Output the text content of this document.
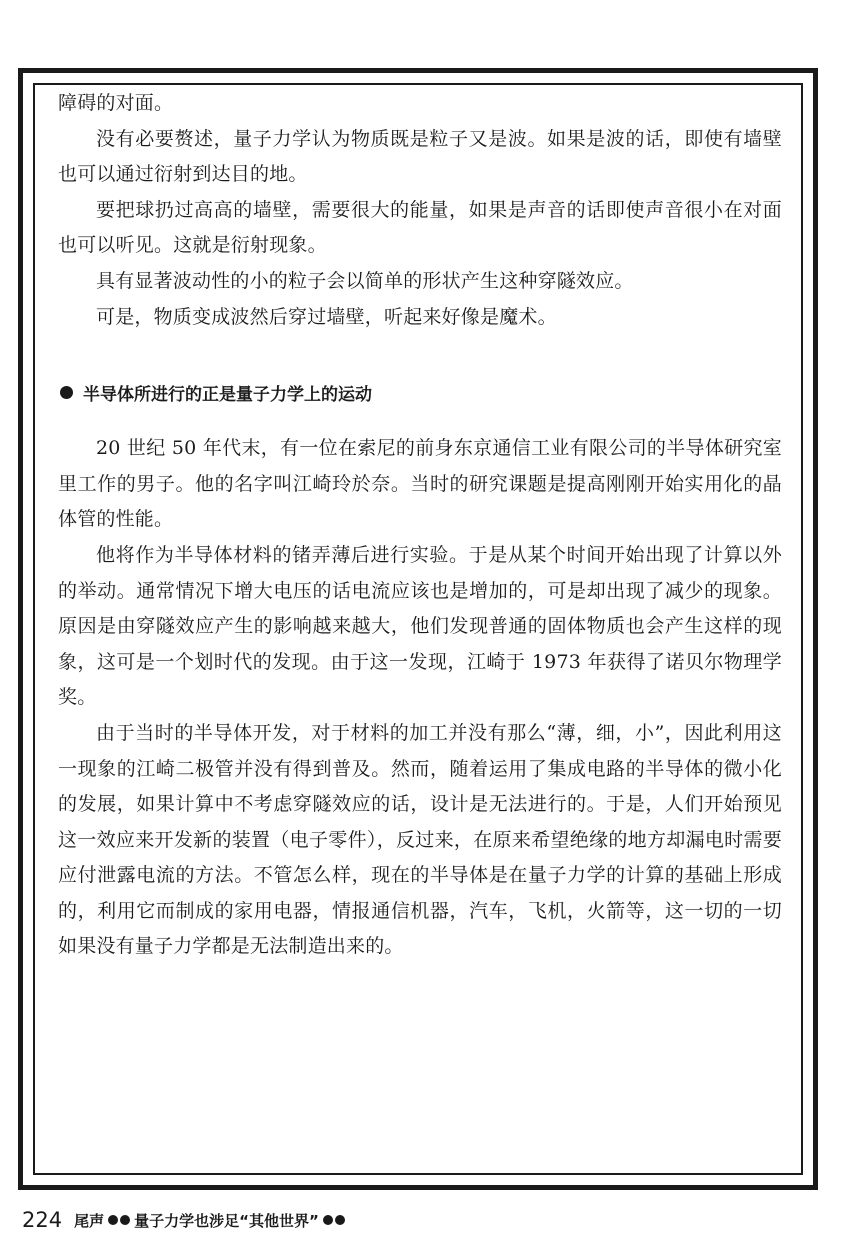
障碍的对面。

没有必要赘述，量子力学认为物质既是粒子又是波。如果是波的话，即使有墙壁也可以通过衍射到达目的地。

要把球扔过高高的墙壁，需要很大的能量，如果是声音的话即使声音很小在对面也可以听见。这就是衍射现象。

具有显著波动性的小的粒子会以简单的形状产生这种穿隧效应。

可是，物质变成波然后穿过墙壁，听起来好像是魔术。

半导体所进行的正是量子力学上的运动

20 世纪 50 年代末，有一位在索尼的前身东京通信工业有限公司的半导体研究室里工作的男子。他的名字叫江崎玲於奈。当时的研究课题是提高刚刚开始实用化的晶体管的性能。

他将作为半导体材料的锗弄薄后进行实验。于是从某个时间开始出现了计算以外的举动。通常情况下增大电压的话电流应该也是增加的，可是却出现了减少的现象。原因是由穿隧效应产生的影响越来越大，他们发现普通的固体物质也会产生这样的现象，这可是一个划时代的发现。由于这一发现，江崎于 1973 年获得了诺贝尔物理学奖。

由于当时的半导体开发，对于材料的加工并没有那么“薄，细，小”，因此利用这一现象的江崎二极管并没有得到普及。然而，随着运用了集成电路的半导体的微小化的发展，如果计算中不考虑穿隧效应的话，设计是无法进行的。于是，人们开始预见这一效应来开发新的装置（电子零件），反过来，在原来希望绝缘的地方却漏电时需要应付泄露电流的方法。不管怎么样，现在的半导体是在量子力学的计算的基础上形成的，利用它而制成的家用电器，情报通信机器，汽车，飞机，火箭等，这一切的一切如果没有量子力学都是无法制造出来的。

224 尾声 量子力学也涉足“其他世界”
